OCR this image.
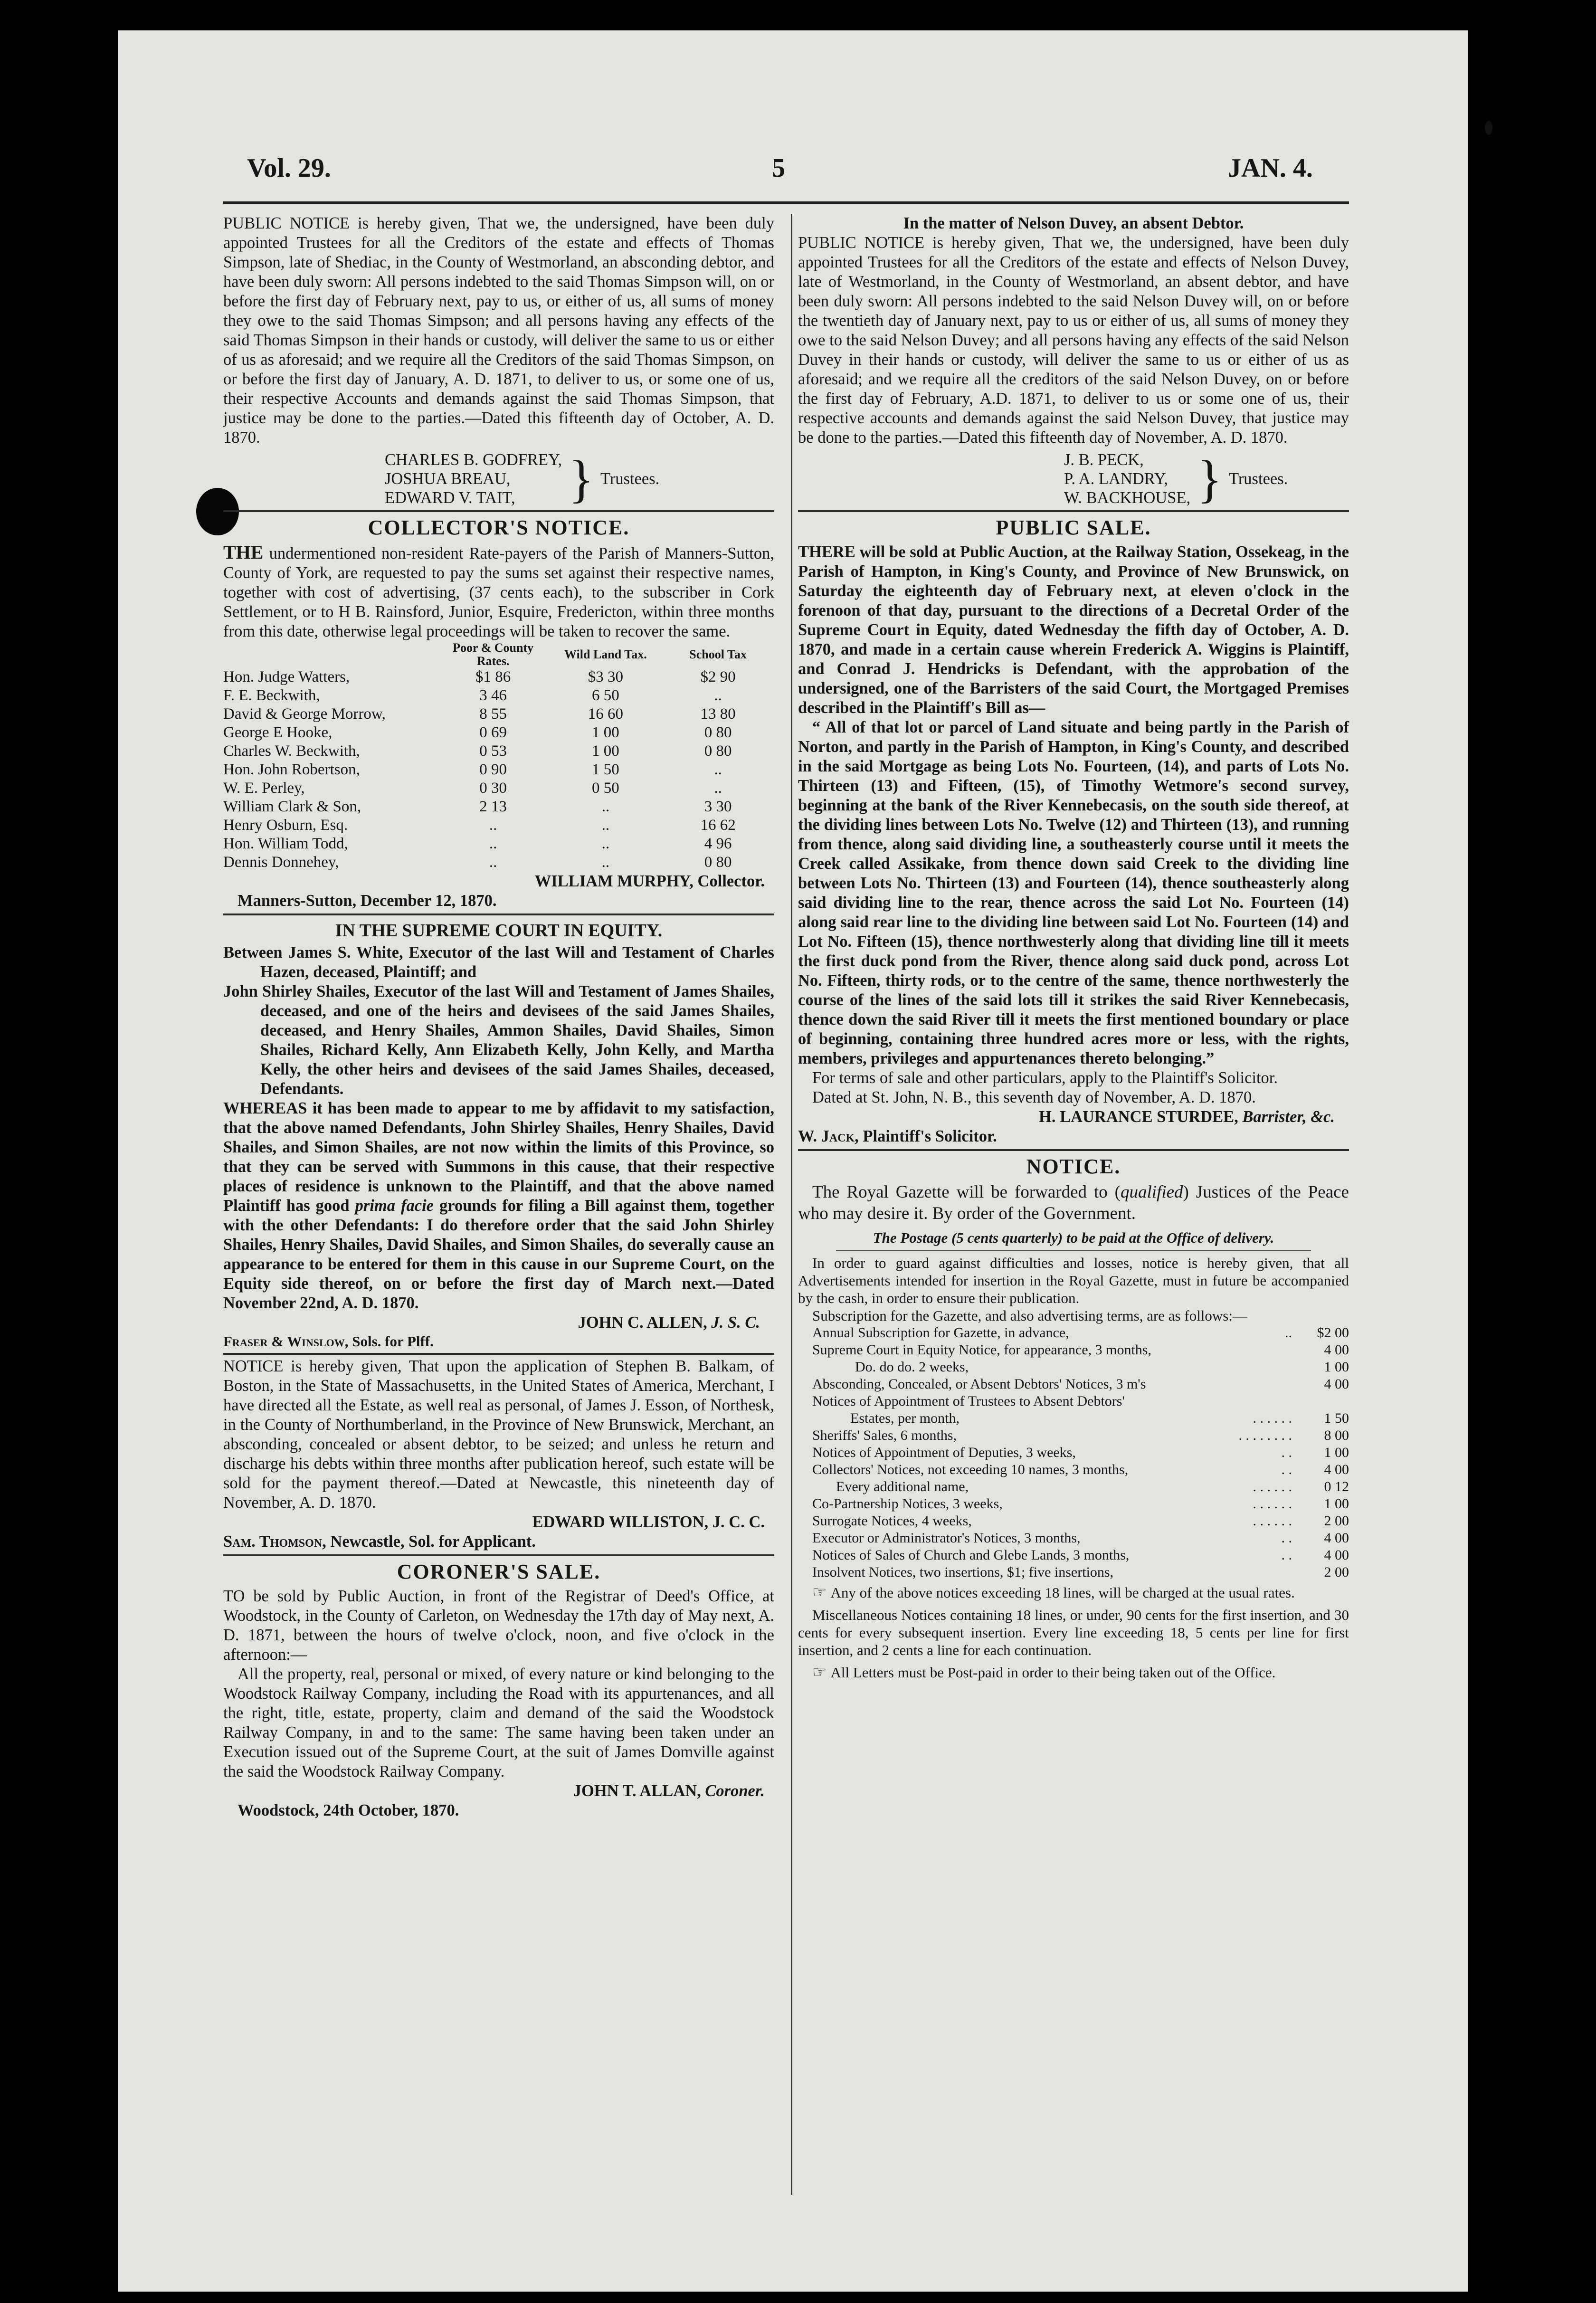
Vol. 29.	5	JAN. 4.

PUBLIC NOTICE is hereby given, That we, the undersigned, have been duly appointed Trustees for all the Creditors of the estate and effects of Thomas Simpson, late of Shediac, in the County of Westmorland, an absconding debtor, and have been duly sworn: All persons indebted to the said Thomas Simpson will, on or before the first day of February next, pay to us, or either of us, all sums of money they owe to the said Thomas Simpson; and all persons having any effects of the said Thomas Simpson in their hands or custody, will deliver the same to us or either of us as aforesaid; and we require all the Creditors of the said Thomas Simpson, on or before the first day of January, A. D. 1871, to deliver to us, or some one of us, their respective Accounts and demands against the said Thomas Simpson, that justice may be done to the parties.—Dated this fifteenth day of October, A. D. 1870.

CHARLES B. GODFREY,
JOSHUA BREAU,
EDWARD V. TAIT,	} Trustees.
COLLECTOR'S NOTICE.

THE undermentioned non-resident Rate-payers of the Parish of Manners-Sutton, County of York, are requested to pay the sums set against their respective names, together with cost of advertising, (37 cents each), to the subscriber in Cork Settlement, or to H B. Rainsford, Junior, Esquire, Fredericton, within three months from this date, otherwise legal proceedings will be taken to recover the same.

	Poor & County Rates.	Wild Land Tax.	School Tax
Hon. Judge Watters,	$1 86	$3 30	$2 90
F. E. Beckwith,	3 46	6 50	..
David & George Morrow,	8 55	16 60	13 80
George E Hooke,	0 69	1 00	0 80
Charles W. Beckwith,	0 53	1 00	0 80
Hon. John Robertson,	0 90	1 50	..
W. E. Perley,	0 30	0 50	..
William Clark & Son,	2 13	..	3 30
Henry Osburn, Esq.	..	..	16 62
Hon. William Todd,	..	..	4 96
Dennis Donnehey,	..	..	0 80

WILLIAM MURPHY, Collector.

Manners-Sutton, December 12, 1870.

IN THE SUPREME COURT IN EQUITY.

Between James S. White, Executor of the last Will and Testament of Charles Hazen, deceased, Plaintiff; and

John Shirley Shailes, Executor of the last Will and Testament of James Shailes, deceased, and one of the heirs and devisees of the said James Shailes, deceased, and Henry Shailes, Ammon Shailes, David Shailes, Simon Shailes, Richard Kelly, Ann Elizabeth Kelly, John Kelly, and Martha Kelly, the other heirs and devisees of the said James Shailes, deceased, Defendants.

WHEREAS it has been made to appear to me by affidavit to my satisfaction, that the above named Defendants, John Shirley Shailes, Henry Shailes, David Shailes, and Simon Shailes, are not now within the limits of this Province, so that they can be served with Summons in this cause, that their respective places of residence is unknown to the Plaintiff, and that the above named Plaintiff has good prima facie grounds for filing a Bill against them, together with the other Defendants: I do therefore order that the said John Shirley Shailes, Henry Shailes, David Shailes, and Simon Shailes, do severally cause an appearance to be entered for them in this cause in our Supreme Court, on the Equity side thereof, on or before the first day of March next.—Dated November 22nd, A. D. 1870.

JOHN C. ALLEN, J. S. C.

Fraser & Winslow, Sols. for Plff.

NOTICE is hereby given, That upon the application of Stephen B. Balkam, of Boston, in the State of Massachusetts, in the United States of America, Merchant, I have directed all the Estate, as well real as personal, of James J. Esson, of Northesk, in the County of Northumberland, in the Province of New Brunswick, Merchant, an absconding, concealed or absent debtor, to be seized; and unless he return and discharge his debts within three months after publication hereof, such estate will be sold for the payment thereof.—Dated at Newcastle, this nineteenth day of November, A. D. 1870.

EDWARD WILLISTON, J. C. C.

Sam. Thomson, Newcastle, Sol. for Applicant.

CORONER'S SALE.

TO be sold by Public Auction, in front of the Registrar of Deed's Office, at Woodstock, in the County of Carleton, on Wednesday the 17th day of May next, A. D. 1871, between the hours of twelve o'clock, noon, and five o'clock in the afternoon:—

All the property, real, personal or mixed, of every nature or kind belonging to the Woodstock Railway Company, including the Road with its appurtenances, and all the right, title, estate, property, claim and demand of the said the Woodstock Railway Company, in and to the same: The same having been taken under an Execution issued out of the Supreme Court, at the suit of James Domville against the said the Woodstock Railway Company.

JOHN T. ALLAN, Coroner.

Woodstock, 24th October, 1870.

In the matter of Nelson Duvey, an absent Debtor.

PUBLIC NOTICE is hereby given, That we, the undersigned, have been duly appointed Trustees for all the Creditors of the estate and effects of Nelson Duvey, late of Westmorland, in the County of Westmorland, an absent debtor, and have been duly sworn: All persons indebted to the said Nelson Duvey will, on or before the twentieth day of January next, pay to us or either of us, all sums of money they owe to the said Nelson Duvey; and all persons having any effects of the said Nelson Duvey in their hands or custody, will deliver the same to us or either of us as aforesaid; and we require all the creditors of the said Nelson Duvey, on or before the first day of February, A.D. 1871, to deliver to us or some one of us, their respective accounts and demands against the said Nelson Duvey, that justice may be done to the parties.—Dated this fifteenth day of November, A. D. 1870.

J. B. PECK,
P. A. LANDRY,
W. BACKHOUSE, } Trustees.
PUBLIC SALE.

THERE will be sold at Public Auction, at the Railway Station, Ossekeag, in the Parish of Hampton, in King's County, and Province of New Brunswick, on Saturday the eighteenth day of February next, at eleven o'clock in the forenoon of that day, pursuant to the directions of a Decretal Order of the Supreme Court in Equity, dated Wednesday the fifth day of October, A. D. 1870, and made in a certain cause wherein Frederick A. Wiggins is Plaintiff, and Conrad J. Hendricks is Defendant, with the approbation of the undersigned, one of the Barristers of the said Court, the Mortgaged Premises described in the Plaintiff's Bill as—

“ All of that lot or parcel of Land situate and being partly in the Parish of Norton, and partly in the Parish of Hampton, in King's County, and described in the said Mortgage as being Lots No. Fourteen, (14), and parts of Lots No. Thirteen (13) and Fifteen, (15), of Timothy Wetmore's second survey, beginning at the bank of the River Kennebecasis, on the south side thereof, at the dividing lines between Lots No. Twelve (12) and Thirteen (13), and running from thence, along said dividing line, a southeasterly course until it meets the Creek called Assikake, from thence down said Creek to the dividing line between Lots No. Thirteen (13) and Fourteen (14), thence southeasterly along said dividing line to the rear, thence across the said Lot No. Fourteen (14) along said rear line to the dividing line between said Lot No. Fourteen (14) and Lot No. Fifteen (15), thence northwesterly along that dividing line till it meets the first duck pond from the River, thence along said duck pond, across Lot No. Fifteen, thirty rods, or to the centre of the same, thence northwesterly the course of the lines of the said lots till it strikes the said River Kennebecasis, thence down the said River till it meets the first mentioned boundary or place of beginning, containing three hundred acres more or less, with the rights, members, privileges and appurtenances thereto belonging.”

For terms of sale and other particulars, apply to the Plaintiff's Solicitor.

Dated at St. John, N. B., this seventh day of November, A. D. 1870.

H. LAURANCE STURDEE, Barrister, &c.

W. Jack, Plaintiff's Solicitor.

NOTICE.

The Royal Gazette will be forwarded to (qualified) Justices of the Peace who may desire it. By order of the Government.

The Postage (5 cents quarterly) to be paid at the Office of delivery.

In order to guard against difficulties and losses, notice is hereby given, that all Advertisements intended for insertion in the Royal Gazette, must in future be accompanied by the cash, in order to ensure their publication.

Subscription for the Gazette, and also advertising terms, are as follows:—

Annual Subscription for Gazette, in advance,	..	$2 00
Supreme Court in Equity Notice, for appearance, 3 months,		4 00
Do. do do. 2 weeks,		1 00
Absconding, Concealed, or Absent Debtors' Notices, 3 m's		4 00
Notices of Appointment of Trustees to Absent Debtors'		
Estates, per month,	. . . . . .	1 50
Sheriffs' Sales, 6 months,	. . . . . . . .	8 00
Notices of Appointment of Deputies, 3 weeks,	. .	1 00
Collectors' Notices, not exceeding 10 names, 3 months,	. .	4 00
Every additional name,	. . . . . .	0 12
Co-Partnership Notices, 3 weeks,	. . . . . .	1 00
Surrogate Notices, 4 weeks,	. . . . . .	2 00
Executor or Administrator's Notices, 3 months,	. .	4 00
Notices of Sales of Church and Glebe Lands, 3 months,	. .	4 00
Insolvent Notices, two insertions, $1; five insertions,		2 00

☞ Any of the above notices exceeding 18 lines, will be charged at the usual rates.

Miscellaneous Notices containing 18 lines, or under, 90 cents for the first insertion, and 30 cents for every subsequent insertion. Every line exceeding 18, 5 cents per line for first insertion, and 2 cents a line for each continuation.

☞ All Letters must be Post-paid in order to their being taken out of the Office.
